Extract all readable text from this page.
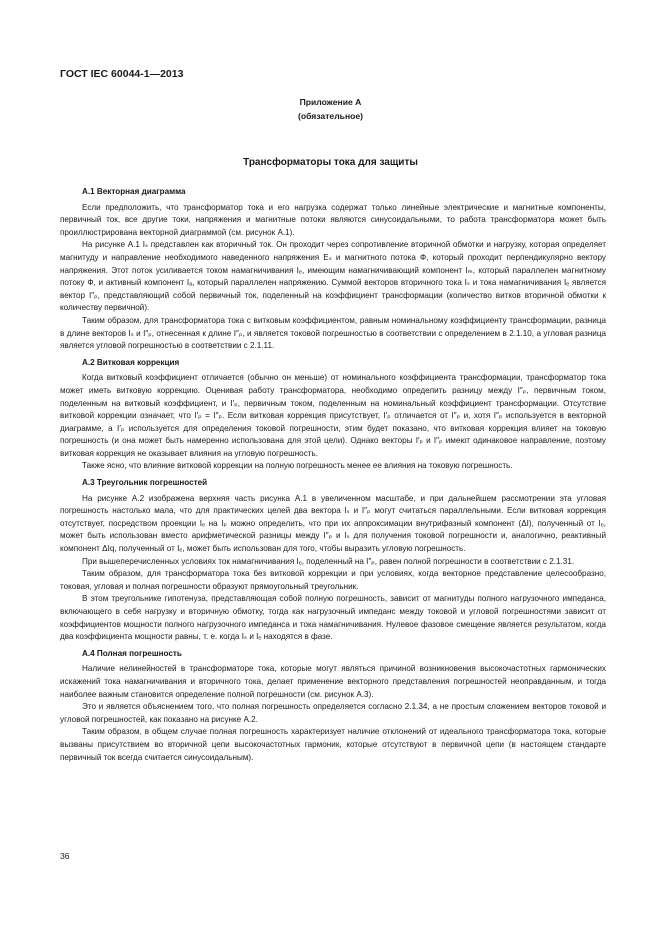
ГОСТ IEC 60044-1—2013
Приложение А
(обязательное)
Трансформаторы тока для защиты
А.1 Векторная диаграмма

Если предположить, что трансформатор тока и его нагрузка содержат только линейные электрические и магнитные компоненты, первичный ток, все другие токи, напряжения и магнитные потоки являются синусоидальными, то работа трансформатора может быть проиллюстрирована векторной диаграммой (см. рисунок А.1).

На рисунке А.1 Iₛ представлен как вторичный ток. Он проходит через сопротивление вторичной обмотки и нагрузку, которая определяет магнитуду и направление необходимого наведенного напряжения Eₛ и магнитного потока Ф, который проходит перпендикулярно вектору напряжения. Этот поток усиливается током намагничивания Iₑ, имеющим намагничивающий компонент Iₘ, который параллелен магнитному потоку Ф, и активный компонент Iₐ, который параллелен напряжению. Суммой векторов вторичного тока Iₛ и тока намагничивания Iₑ является вектор I″ₚ, представляющий собой первичный ток, поделенный на коэффициент трансформации (количество витков вторичной обмотки к количеству первичной).

Таким образом, для трансформатора тока с витковым коэффициентом, равным номинальному коэффициенту трансформации, разница в длине векторов Iₛ и I″ₚ, отнесенная к длине I″ₚ, и является токовой погрешностью в соответствии с определением в 2.1.10, а угловая разница является угловой погрешностью в соответствии с 2.1.11.

А.2 Витковая коррекция

Когда витковый коэффициент отличается (обычно он меньше) от номинального коэффициента трансформации, трансформатор тока может иметь витковую коррекцию. Оценивая работу трансформатора, необходимо определить разницу между I″ₚ, первичным током, поделенным на витковый коэффициент, и I′ₚ, первичным током, поделенным на номинальный коэффициент трансформации. Отсутствие витковой коррекции означает, что I′ₚ = I″ₚ. Если витковая коррекция присутствует, I′ₚ отличается от I″ₚ и, хотя I″ₚ используется в векторной диаграмме, а I′ₚ используется для определения токовой погрешности, этим будет показано, что витковая коррекция влияет на токовую погрешность (и она может быть намеренно использована для этой цели). Однако векторы I′ₚ и I″ₚ имеют одинаковое направление, поэтому витковая коррекция не оказывает влияния на угловую погрешность.

Также ясно, что влияние витковой коррекции на полную погрешность менее ее влияния на токовую погрешность.

А.3 Треугольник погрешностей

На рисунке А.2 изображена верхняя часть рисунка А.1 в увеличенном масштабе, и при дальнейшем рассмотрении эта угловая погрешность настолько мала, что для практических целей два вектора Iₛ и I″ₚ могут считаться параллельными. Если витковая коррекция отсутствует, посредством проекции Iₑ на Iₚ можно определить, что при их аппроксимации внутрифазный компонент (ΔI), полученный от Iₑ, может быть использован вместо арифметической разницы между I″ₚ и Iₛ для получения токовой погрешности и, аналогично, реактивный компонент ΔIq, полученный от Iₑ, может быть использован для того, чтобы выразить угловую погрешность.

При вышеперечисленных условиях ток намагничивания Iₑ, поделенный на I″ₚ, равен полной погрешности в соответствии с 2.1.31.

Таким образом, для трансформатора тока без витковой коррекции и при условиях, когда векторное представление целесообразно, токовая, угловая и полная погрешности образуют прямоугольный треугольник.

В этом треугольнике гипотенуза, представляющая собой полную погрешность, зависит от магнитуды полного нагрузочного импеданса, включающего в себя нагрузку и вторичную обмотку, тогда как нагрузочный импеданс между токовой и угловой погрешностями зависит от коэффициентов мощности полного нагрузочного импеданса и тока намагничивания. Нулевое фазовое смещение является результатом, когда два коэффициента мощности равны, т. е. когда Iₛ и Iₑ находятся в фазе.

А.4 Полная погрешность

Наличие нелинейностей в трансформаторе тока, которые могут являться причиной возникновения высокочастотных гармонических искажений тока намагничивания и вторичного тока, делает применение векторного представления погрешностей неоправданным, и тогда наиболее важным становится определение полной погрешности (см. рисунок А.3).

Это и является объяснением того, что полная погрешность определяется согласно 2.1.34, а не простым сложением векторов токовой и угловой погрешностей, как показано на рисунке А.2.

Таким образом, в общем случае полная погрешность характеризует наличие отклонений от идеального трансформатора тока, которые вызваны присутствием во вторичной цепи высокочастотных гармоник, которые отсутствуют в первичной цепи (в настоящем стандарте первичный ток всегда считается синусоидальным).

36
